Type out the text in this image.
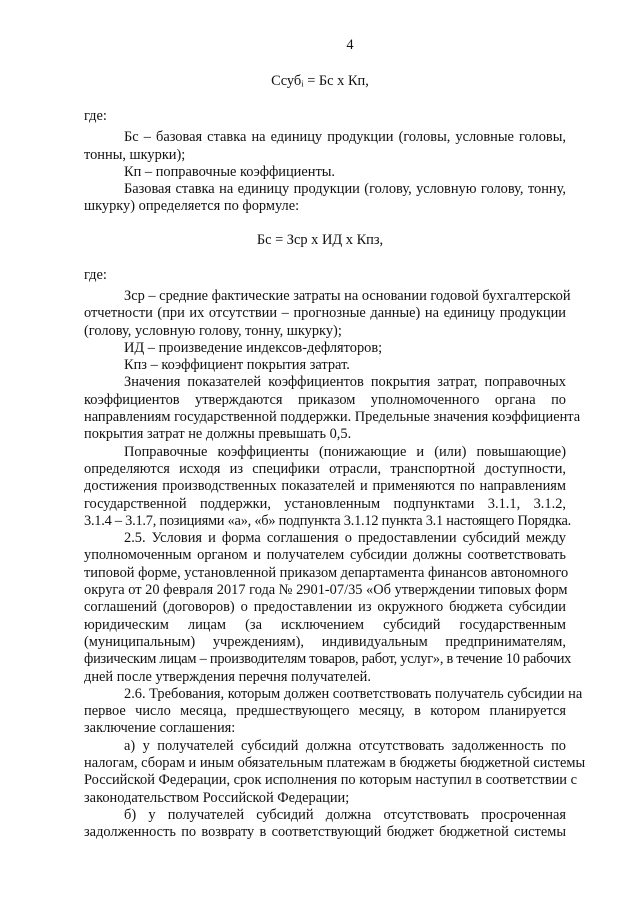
4
Cсубᵢ = Бс х Кп,
где:
Бс – базовая ставка на единицу продукции (головы, условные головы,
тонны, шкурки);
Кп – поправочные коэффициенты.
Базовая ставка на единицу продукции (голову, условную голову, тонну,
шкурку) определяется по формуле:
Бс = Зср х ИД х Кпз,
где:
Зср – средние фактические затраты на основании годовой бухгалтерской
отчетности (при их отсутствии – прогнозные данные) на единицу продукции
(голову, условную голову, тонну, шкурку);
ИД – произведение индексов-дефляторов;
Кпз – коэффициент покрытия затрат.
Значения показателей коэффициентов покрытия затрат, поправочных
коэффициентов утверждаются приказом уполномоченного органа по
направлениям государственной поддержки. Предельные значения коэффициента
покрытия затрат не должны превышать 0,5.
Поправочные коэффициенты (понижающие и (или) повышающие)
определяются исходя из специфики отрасли, транспортной доступности,
достижения производственных показателей и применяются по направлениям
государственной поддержки, установленным подпунктами 3.1.1, 3.1.2,
3.1.4 – 3.1.7, позициями «а», «б» подпункта 3.1.12 пункта 3.1 настоящего Порядка.
2.5. Условия и форма соглашения о предоставлении субсидий между
уполномоченным органом и получателем субсидии должны соответствовать
типовой форме, установленной приказом департамента финансов автономного
округа от 20 февраля 2017 года № 2901-07/35 «Об утверждении типовых форм
соглашений (договоров) о предоставлении из окружного бюджета субсидии
юридическим лицам (за исключением субсидий государственным
(муниципальным) учреждениям), индивидуальным предпринимателям,
физическим лицам – производителям товаров, работ, услуг», в течение 10 рабочих
дней после утверждения перечня получателей.
2.6. Требования, которым должен соответствовать получатель субсидии на
первое число месяца, предшествующего месяцу, в котором планируется
заключение соглашения:
а) у получателей субсидий должна отсутствовать задолженность по
налогам, сборам и иным обязательным платежам в бюджеты бюджетной системы
Российской Федерации, срок исполнения по которым наступил в соответствии с
законодательством Российской Федерации;
б) у получателей субсидий должна отсутствовать просроченная
задолженность по возврату в соответствующий бюджет бюджетной системы
